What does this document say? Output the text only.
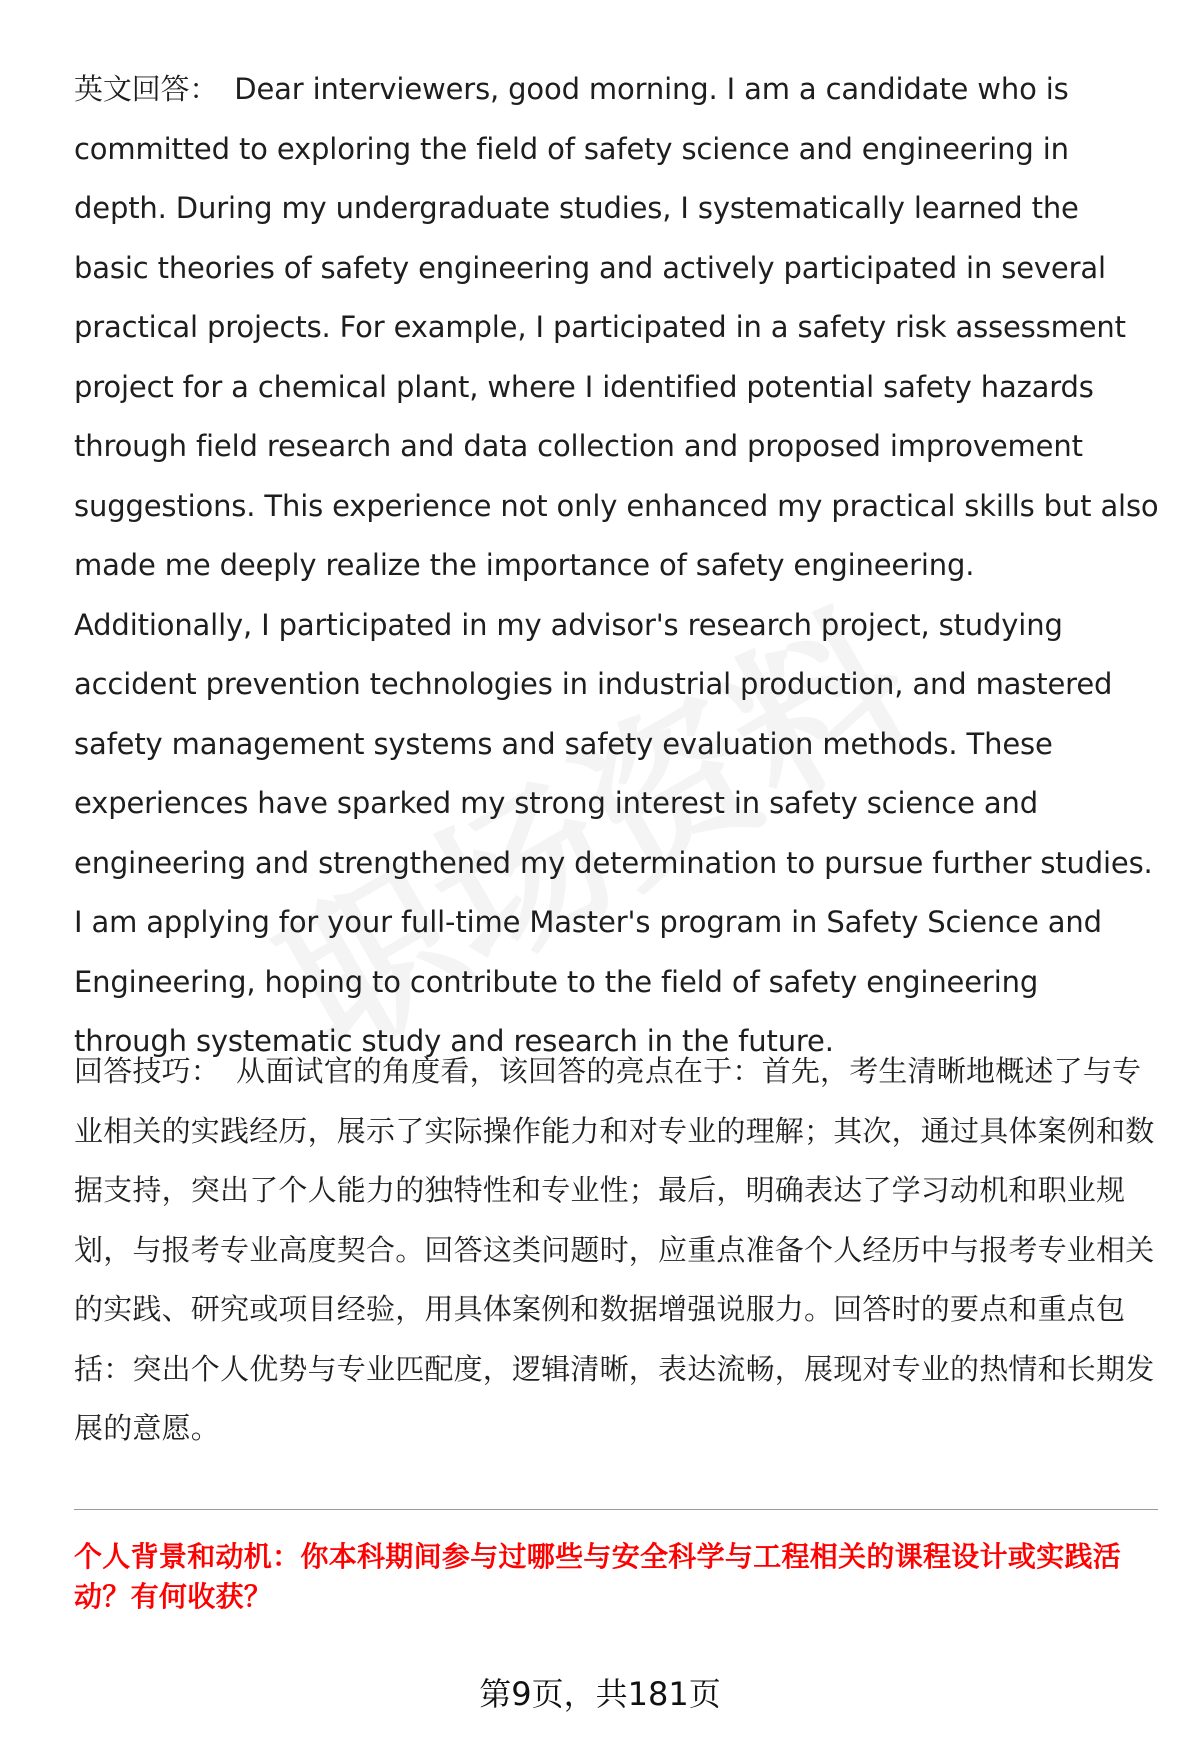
英文回答： Dear interviewers, good morning. I am a candidate who is committed to exploring the field of safety science and engineering in depth. During my undergraduate studies, I systematically learned the basic theories of safety engineering and actively participated in several practical projects. For example, I participated in a safety risk assessment project for a chemical plant, where I identified potential safety hazards through field research and data collection and proposed improvement suggestions. This experience not only enhanced my practical skills but also made me deeply realize the importance of safety engineering. Additionally, I participated in my advisor's research project, studying accident prevention technologies in industrial production, and mastered safety management systems and safety evaluation methods. These experiences have sparked my strong interest in safety science and engineering and strengthened my determination to pursue further studies. I am applying for your full-time Master's program in Safety Science and Engineering, hoping to contribute to the field of safety engineering through systematic study and research in the future.

回答技巧： 从面试官的角度看，该回答的亮点在于：首先，考生清晰地概述了与专业相关的实践经历，展示了实际操作能力和对专业的理解；其次，通过具体案例和数据支持，突出了个人能力的独特性和专业性；最后，明确表达了学习动机和职业规划，与报考专业高度契合。回答这类问题时，应重点准备个人经历中与报考专业相关的实践、研究或项目经验，用具体案例和数据增强说服力。回答时的要点和重点包括：突出个人优势与专业匹配度，逻辑清晰，表达流畅，展现对专业的热情和长期发展的意愿。

个人背景和动机：你本科期间参与过哪些与安全科学与工程相关的课程设计或实践活动？有何收获？
第9页，共181页
